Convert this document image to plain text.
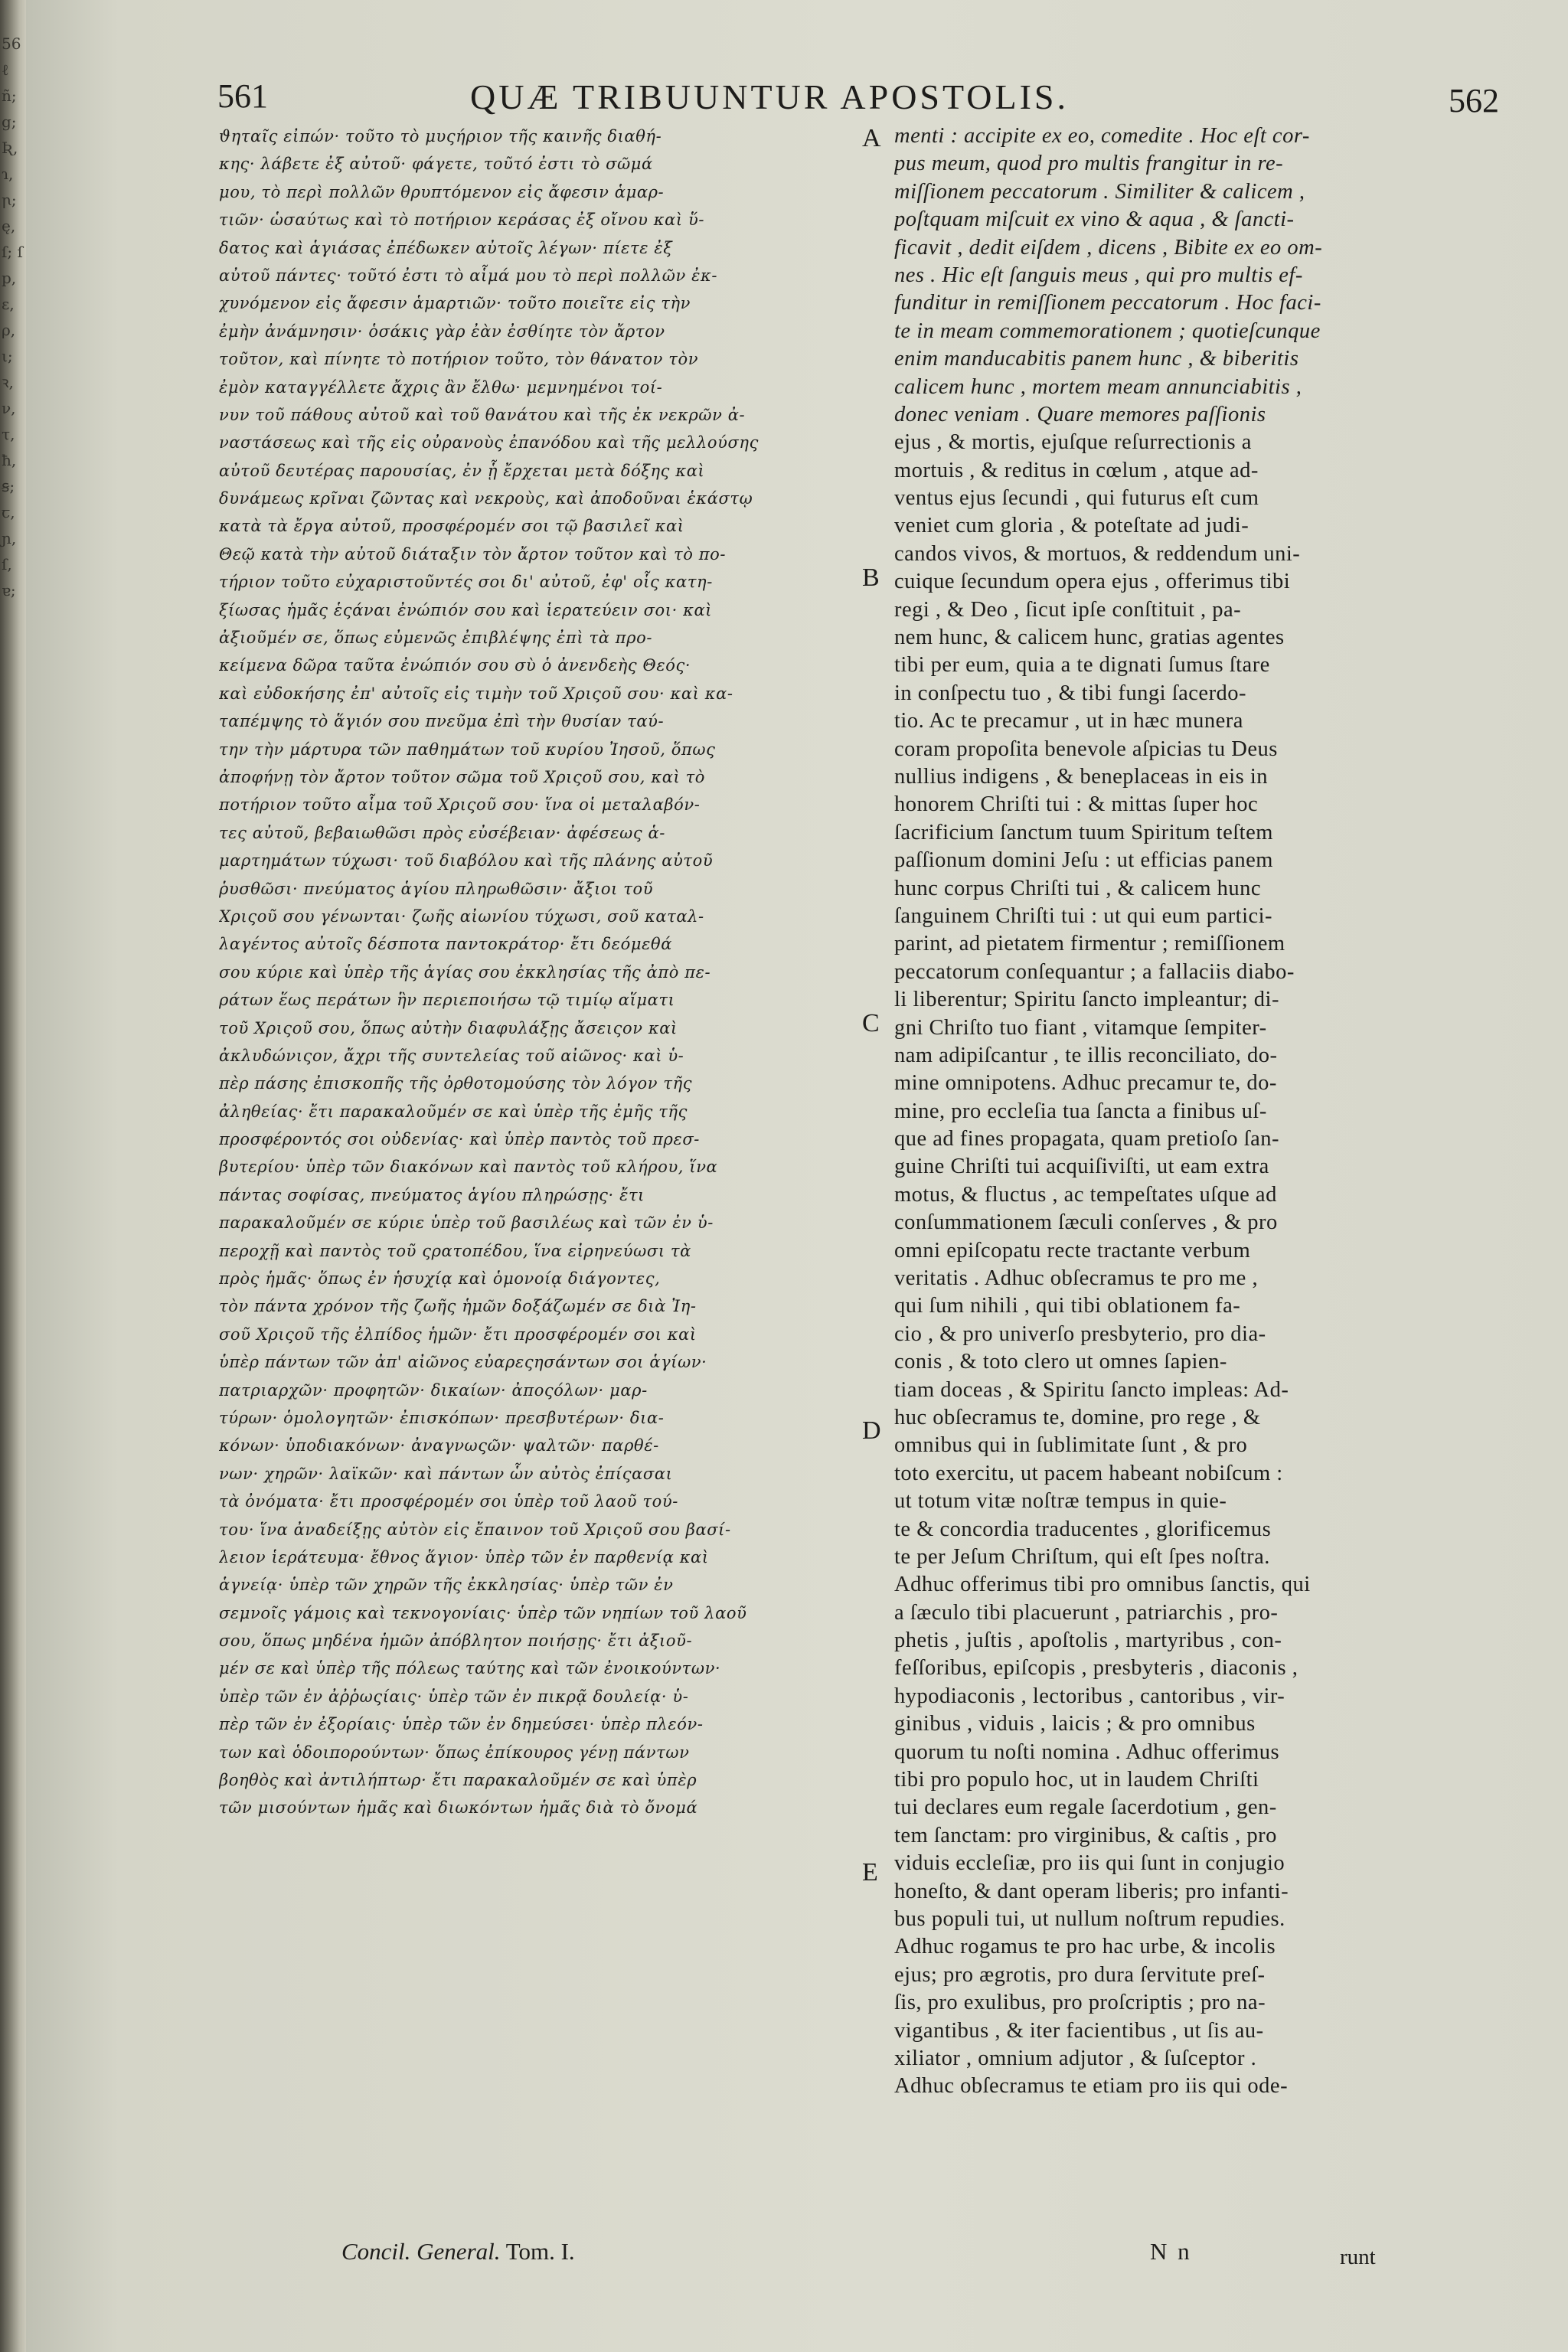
56ℓ ñ; g; Ʀ, ɿ, ꞃ; ę, ſ; ſp, ɛ, ρ, ι; ꝛ, ν, τ, ħ, ꞩ; ꞇ, ɲ, ſ, ɐ;
561	QUÆ TRIBUUNTUR APOSTOLIS.	562
ϑηταῖς εἰπών· τοῦτο τὸ μυςήριον τῆς καινῆς διαθή-
κης· λάβετε ἐξ αὐτοῦ· φάγετε, τοῦτό ἐστι τὸ σῶμά
μου, τὸ περὶ πολλῶν θρυπτόμενον εἰς ἄφεσιν ἁμαρ-
τιῶν· ὡσαύτως καὶ τὸ ποτήριον κεράσας ἐξ οἴνου καὶ ὕ-
δατος καὶ ἁγιάσας ἐπέδωκεν αὐτοῖς λέγων· πίετε ἐξ
αὐτοῦ πάντες· τοῦτό ἐστι τὸ αἷμά μου τὸ περὶ πολλῶν ἐκ-
χυνόμενον εἰς ἄφεσιν ἁμαρτιῶν· τοῦτο ποιεῖτε εἰς τὴν
ἐμὴν ἀνάμνησιν· ὁσάκις γὰρ ἐὰν ἐσθίητε τὸν ἄρτον
τοῦτον, καὶ πίνητε τὸ ποτήριον τοῦτο, τὸν θάνατον τὸν
ἐμὸν καταγγέλλετε ἄχρις ἂν ἔλθω· μεμνημένοι τοί-
νυν τοῦ πάθους αὐτοῦ καὶ τοῦ θανάτου καὶ τῆς ἐκ νεκρῶν ἀ-
ναστάσεως καὶ τῆς εἰς οὐρανοὺς ἐπανόδου καὶ τῆς μελλούσης
αὐτοῦ δευτέρας παρουσίας, ἐν ᾗ ἔρχεται μετὰ δόξης καὶ
δυνάμεως κρῖναι ζῶντας καὶ νεκροὺς, καὶ ἀποδοῦναι ἑκάστῳ
κατὰ τὰ ἔργα αὐτοῦ, προσφέρομέν σοι τῷ βασιλεῖ καὶ
Θεῷ κατὰ τὴν αὐτοῦ διάταξιν τὸν ἄρτον τοῦτον καὶ τὸ πο-
τήριον τοῦτο εὐχαριστοῦντές σοι δι' αὐτοῦ, ἐφ' οἷς κατη-
ξίωσας ἡμᾶς ἑςάναι ἐνώπιόν σου καὶ ἱερατεύειν σοι· καὶ
ἀξιοῦμέν σε, ὅπως εὐμενῶς ἐπιβλέψης ἐπὶ τὰ προ-
κείμενα δῶρα ταῦτα ἐνώπιόν σου σὺ ὁ ἀνενδεὴς Θεός·
καὶ εὐδοκήσης ἐπ' αὐτοῖς εἰς τιμὴν τοῦ Χριςοῦ σου· καὶ κα-
ταπέμψης τὸ ἅγιόν σου πνεῦμα ἐπὶ τὴν θυσίαν ταύ-
την τὴν μάρτυρα τῶν παθημάτων τοῦ κυρίου Ἰησοῦ, ὅπως
ἀποφήνῃ τὸν ἄρτον τοῦτον σῶμα τοῦ Χριςοῦ σου, καὶ τὸ
ποτήριον τοῦτο αἷμα τοῦ Χριςοῦ σου· ἵνα οἱ μεταλαβόν-
τες αὐτοῦ, βεβαιωθῶσι πρὸς εὐσέβειαν· ἀφέσεως ἁ-
μαρτημάτων τύχωσι· τοῦ διαβόλου καὶ τῆς πλάνης αὐτοῦ
ῥυσθῶσι· πνεύματος ἁγίου πληρωθῶσιν· ἄξιοι τοῦ
Χριςοῦ σου γένωνται· ζωῆς αἰωνίου τύχωσι, σοῦ καταλ-
λαγέντος αὐτοῖς δέσποτα παντοκράτορ· ἔτι δεόμεθά
σου κύριε καὶ ὑπὲρ τῆς ἁγίας σου ἐκκλησίας τῆς ἀπὸ πε-
ράτων ἕως περάτων ἣν περιεποιήσω τῷ τιμίῳ αἵματι
τοῦ Χριςοῦ σου, ὅπως αὐτὴν διαφυλάξῃς ἄσειςον καὶ
ἀκλυδώνιςον, ἄχρι τῆς συντελείας τοῦ αἰῶνος· καὶ ὑ-
πὲρ πάσης ἐπισκοπῆς τῆς ὀρθοτομούσης τὸν λόγον τῆς
ἀληθείας· ἔτι παρακαλοῦμέν σε καὶ ὑπὲρ τῆς ἐμῆς τῆς
προσφέροντός σοι οὐδενίας· καὶ ὑπὲρ παντὸς τοῦ πρεσ-
βυτερίου· ὑπὲρ τῶν διακόνων καὶ παντὸς τοῦ κλήρου, ἵνα
πάντας σοφίσας, πνεύματος ἁγίου πληρώσῃς· ἔτι
παρακαλοῦμέν σε κύριε ὑπὲρ τοῦ βασιλέως καὶ τῶν ἐν ὑ-
περοχῇ καὶ παντὸς τοῦ ςρατοπέδου, ἵνα εἰρηνεύωσι τὰ
πρὸς ἡμᾶς· ὅπως ἐν ἡσυχίᾳ καὶ ὁμονοίᾳ διάγοντες,
τὸν πάντα χρόνον τῆς ζωῆς ἡμῶν δοξάζωμέν σε διὰ Ἰη-
σοῦ Χριςοῦ τῆς ἐλπίδος ἡμῶν· ἔτι προσφέρομέν σοι καὶ
ὑπὲρ πάντων τῶν ἀπ' αἰῶνος εὐαρεςησάντων σοι ἁγίων·
πατριαρχῶν· προφητῶν· δικαίων· ἀποςόλων· μαρ-
τύρων· ὁμολογητῶν· ἐπισκόπων· πρεσβυτέρων· δια-
κόνων· ὑποδιακόνων· ἀναγνωςῶν· ψαλτῶν· παρθέ-
νων· χηρῶν· λαϊκῶν· καὶ πάντων ὧν αὐτὸς ἐπίςασαι
τὰ ὀνόματα· ἔτι προσφέρομέν σοι ὑπὲρ τοῦ λαοῦ τού-
του· ἵνα ἀναδείξῃς αὐτὸν εἰς ἔπαινον τοῦ Χριςοῦ σου βασί-
λειον ἱεράτευμα· ἔθνος ἅγιον· ὑπὲρ τῶν ἐν παρθενίᾳ καὶ
ἁγνείᾳ· ὑπὲρ τῶν χηρῶν τῆς ἐκκλησίας· ὑπὲρ τῶν ἐν
σεμνοῖς γάμοις καὶ τεκνογονίαις· ὑπὲρ τῶν νηπίων τοῦ λαοῦ
σου, ὅπως μηδένα ἡμῶν ἀπόβλητον ποιήσῃς· ἔτι ἀξιοῦ-
μέν σε καὶ ὑπὲρ τῆς πόλεως ταύτης καὶ τῶν ἐνοικούντων·
ὑπὲρ τῶν ἐν ἀῤῥωςίαις· ὑπὲρ τῶν ἐν πικρᾷ δουλείᾳ· ὑ-
πὲρ τῶν ἐν ἐξορίαις· ὑπὲρ τῶν ἐν δημεύσει· ὑπὲρ πλεόν-
των καὶ ὁδοιπορούντων· ὅπως ἐπίκουρος γένῃ πάντων
βοηθὸς καὶ ἀντιλήπτωρ· ἔτι παρακαλοῦμέν σε καὶ ὑπὲρ
τῶν μισούντων ἡμᾶς καὶ διωκόντων ἡμᾶς διὰ τὸ ὄνομά
menti : accipite ex eo, comedite . Hoc eſt cor-
pus meum, quod pro multis frangitur in re-
miſſionem peccatorum . Similiter & calicem ,
poſtquam miſcuit ex vino & aqua , & ſancti-
ficavit , dedit eiſdem , dicens , Bibite ex eo om-
nes . Hic eſt ſanguis meus , qui pro multis ef-
funditur in remiſſionem peccatorum . Hoc faci-
te in meam commemorationem ; quotieſcunque
enim manducabitis panem hunc , & biberitis
calicem hunc , mortem meam annunciabitis ,
donec veniam . Quare memores paſſionis
ejus , & mortis, ejuſque reſurrectionis a
mortuis , & reditus in cœlum , atque ad-
ventus ejus ſecundi , qui futurus eſt cum
veniet cum gloria , & poteſtate ad judi-
candos vivos, & mortuos, & reddendum uni-
cuique ſecundum opera ejus , offerimus tibi
regi , & Deo , ſicut ipſe conſtituit , pa-
nem hunc, & calicem hunc, gratias agentes
tibi per eum, quia a te dignati ſumus ſtare
in conſpectu tuo , & tibi fungi ſacerdo-
tio. Ac te precamur , ut in hæc munera
coram propoſita benevole aſpicias tu Deus
nullius indigens , & beneplaceas in eis in
honorem Chriſti tui : & mittas ſuper hoc
ſacrificium ſanctum tuum Spiritum teſtem
paſſionum domini Jeſu : ut efficias panem
hunc corpus Chriſti tui , & calicem hunc
ſanguinem Chriſti tui : ut qui eum partici-
parint, ad pietatem firmentur ; remiſſionem
peccatorum conſequantur ; a fallaciis diabo-
li liberentur; Spiritu ſancto impleantur; di-
gni Chriſto tuo fiant , vitamque ſempiter-
nam adipiſcantur , te illis reconciliato, do-
mine omnipotens. Adhuc precamur te, do-
mine, pro eccleſia tua ſancta a finibus uſ-
que ad fines propagata, quam pretioſo ſan-
guine Chriſti tui acquiſiviſti, ut eam extra
motus, & fluctus , ac tempeſtates uſque ad
conſummationem ſæculi conſerves , & pro
omni epiſcopatu recte tractante verbum
veritatis . Adhuc obſecramus te pro me ,
qui ſum nihili , qui tibi oblationem fa-
cio , & pro univerſo presbyterio, pro dia-
conis , & toto clero ut omnes ſapien-
tiam doceas , & Spiritu ſancto impleas: Ad-
huc obſecramus te, domine, pro rege , &
omnibus qui in ſublimitate ſunt , & pro
toto exercitu, ut pacem habeant nobiſcum :
ut totum vitæ noſtræ tempus in quie-
te & concordia traducentes , glorificemus
te per Jeſum Chriſtum, qui eſt ſpes noſtra.
Adhuc offerimus tibi pro omnibus ſanctis, qui
a ſæculo tibi placuerunt , patriarchis , pro-
phetis , juſtis , apoſtolis , martyribus , con-
feſſoribus, epiſcopis , presbyteris , diaconis ,
hypodiaconis , lectoribus , cantoribus , vir-
ginibus , viduis , laicis ; & pro omnibus
quorum tu noſti nomina . Adhuc offerimus
tibi pro populo hoc, ut in laudem Chriſti
tui declares eum regale ſacerdotium , gen-
tem ſanctam: pro virginibus, & caſtis , pro
viduis eccleſiæ, pro iis qui ſunt in conjugio
honeſto, & dant operam liberis; pro infanti-
bus populi tui, ut nullum noſtrum repudies.
Adhuc rogamus te pro hac urbe, & incolis
ejus; pro ægrotis, pro dura ſervitute preſ-
ſis, pro exulibus, pro proſcriptis ; pro na-
vigantibus , & iter facientibus , ut ſis au-
xiliator , omnium adjutor , & ſuſceptor .
Adhuc obſecramus te etiam pro iis qui ode-
A
B
C
D
E
Concil. General. Tom. I.	N n	runt
